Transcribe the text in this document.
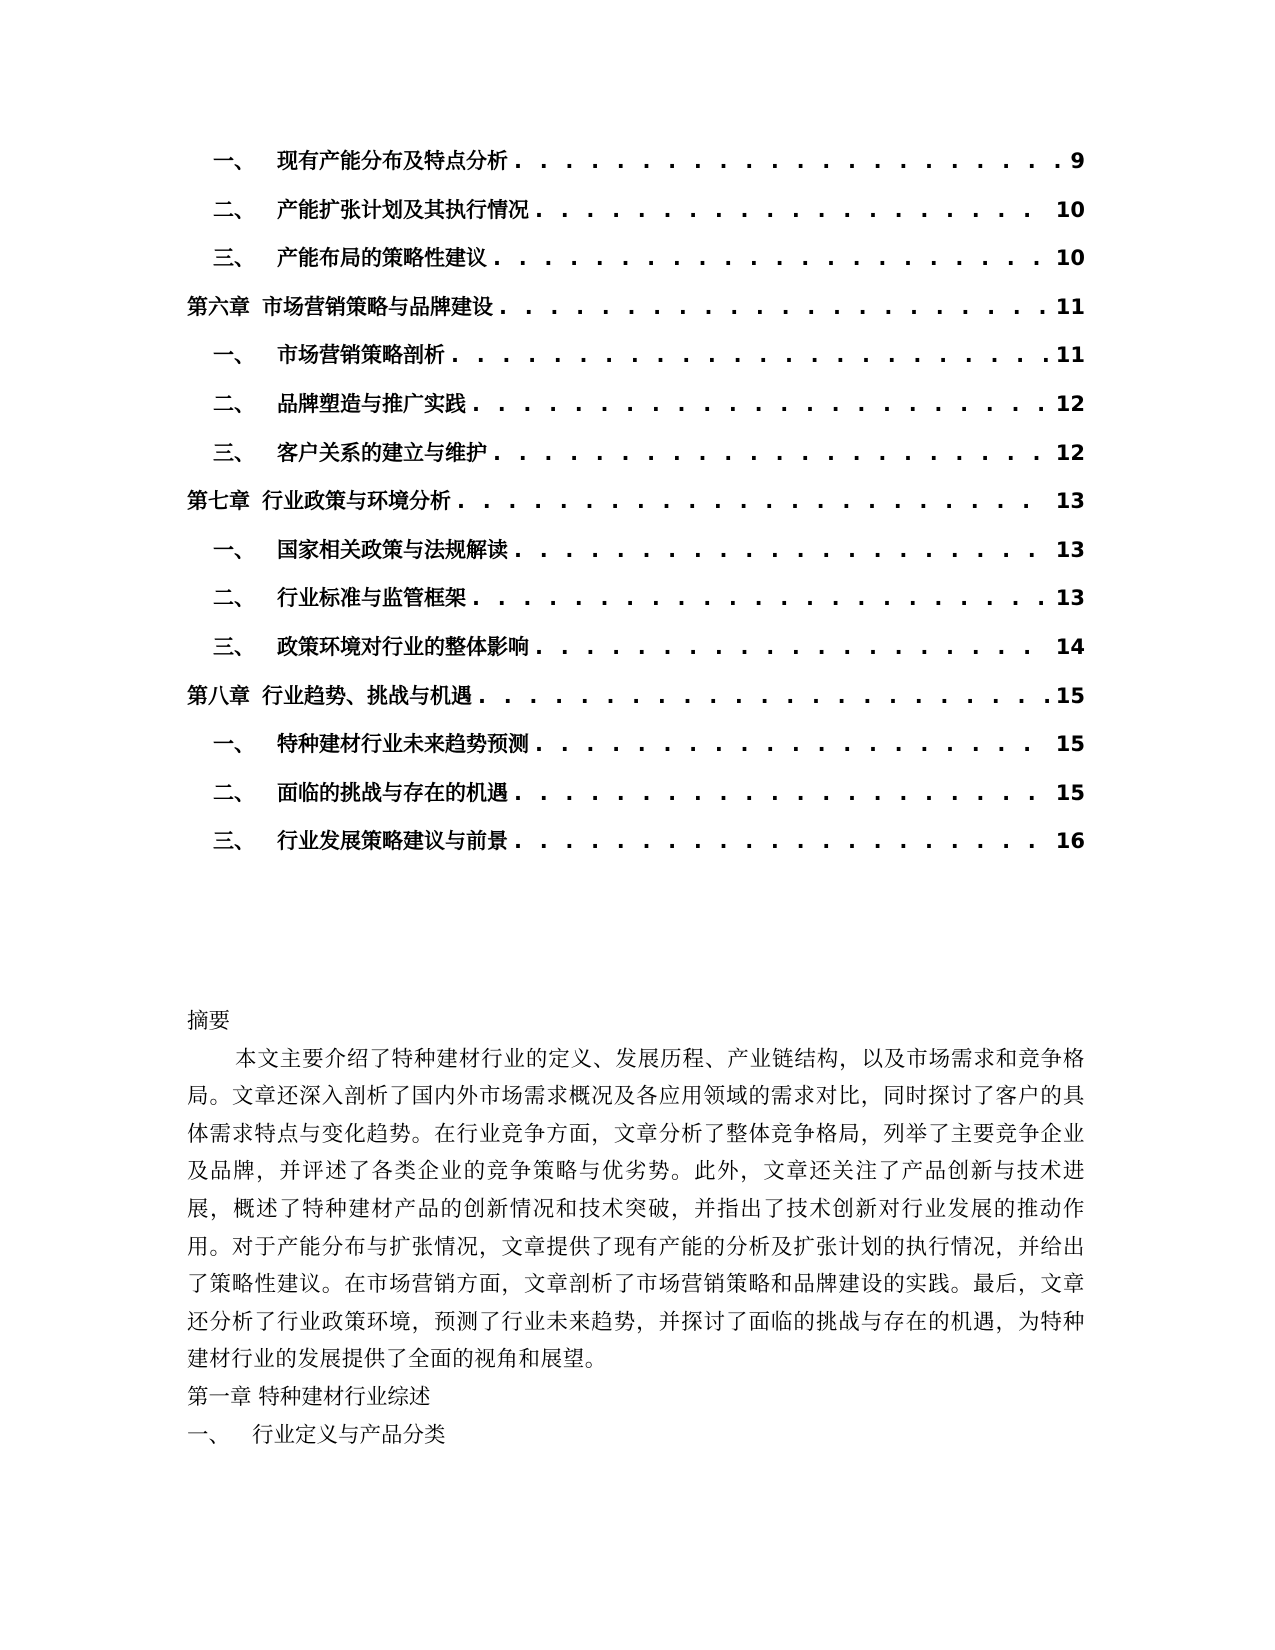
一、	现有产能分布及特点分析 . . .	9
二、	产能扩张计划及其执行情况 . . .	10
三、	产能布局的策略性建议 . . .	10
第六章 市场营销策略与品牌建设 . . .	11
一、	市场营销策略剖析 . . .	11
二、	品牌塑造与推广实践 . . .	12
三、	客户关系的建立与维护 . . .	12
第七章 行业政策与环境分析 . . .	13
一、	国家相关政策与法规解读 . . .	13
二、	行业标准与监管框架 . . .	13
三、	政策环境对行业的整体影响 . . .	14
第八章 行业趋势、挑战与机遇 . . .	15
一、	特种建材行业未来趋势预测 . . .	15
二、	面临的挑战与存在的机遇 . . .	15
三、	行业发展策略建议与前景 . . .	16

摘要

本文主要介绍了特种建材行业的定义、发展历程、产业链结构，以及市场需求和竞争格局。文章还深入剖析了国内外市场需求概况及各应用领域的需求对比，同时探讨了客户的具体需求特点与变化趋势。在行业竞争方面，文章分析了整体竞争格局，列举了主要竞争企业及品牌，并评述了各类企业的竞争策略与优劣势。此外，文章还关注了产品创新与技术进展，概述了特种建材产品的创新情况和技术突破，并指出了技术创新对行业发展的推动作用。对于产能分布与扩张情况，文章提供了现有产能的分析及扩张计划的执行情况，并给出了策略性建议。在市场营销方面，文章剖析了市场营销策略和品牌建设的实践。最后，文章还分析了行业政策环境，预测了行业未来趋势，并探讨了面临的挑战与存在的机遇，为特种建材行业的发展提供了全面的视角和展望。

第一章 特种建材行业综述

一、 行业定义与产品分类
